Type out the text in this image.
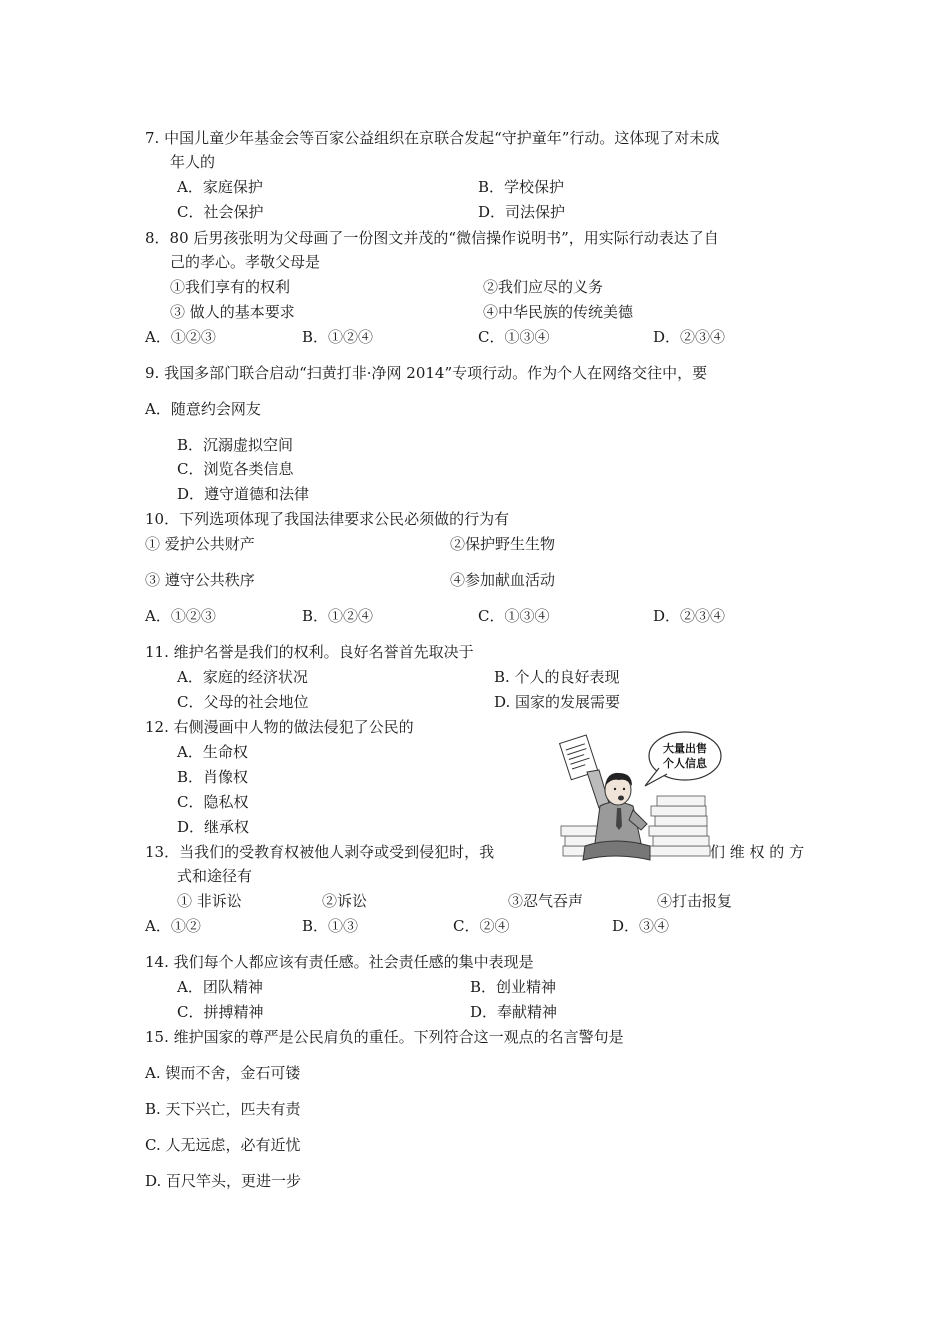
7. 中国儿童少年基金会等百家公益组织在京联合发起“守护童年”行动。这体现了对未成
年人的
A．家庭保护	B．学校保护
C．社会保护	D．司法保护
8．80 后男孩张明为父母画了一份图文并茂的“微信操作说明书”，用实际行动表达了自
己的孝心。孝敬父母是
①我们享有的权利	②我们应尽的义务
③ 做人的基本要求	④中华民族的传统美德
A．①②③	B．①②④	C．①③④	D．②③④
9. 我国多部门联合启动“扫黄打非·净网 2014”专项行动。作为个人在网络交往中，要
A．随意约会网友
B．沉溺虚拟空间
C．浏览各类信息
D．遵守道德和法律
10．下列选项体现了我国法律要求公民必须做的行为有
① 爱护公共财产	②保护野生生物
③ 遵守公共秩序	④参加献血活动
A．①②③	B．①②④	C．①③④	D．②③④
11. 维护名誉是我们的权利。良好名誉首先取决于
A．家庭的经济状况	B. 个人的良好表现
C．父母的社会地位	D. 国家的发展需要
12. 右侧漫画中人物的做法侵犯了公民的
A．生命权
B．肖像权
C．隐私权
D．继承权
大量出售
个人信息
13．当我们的受教育权被他人剥夺或受到侵犯时，我	们 维 权 的 方
式和途径有
① 非诉讼	②诉讼	③忍气吞声	④打击报复
A．①②	B．①③	C．②④	D．③④
14. 我们每个人都应该有责任感。社会责任感的集中表现是
A．团队精神	B．创业精神
C．拼搏精神	D．奉献精神
15. 维护国家的尊严是公民肩负的重任。下列符合这一观点的名言警句是
A. 锲而不舍，金石可镂
B. 天下兴亡，匹夫有责
C. 人无远虑，必有近忧
D. 百尺竿头，更进一步
